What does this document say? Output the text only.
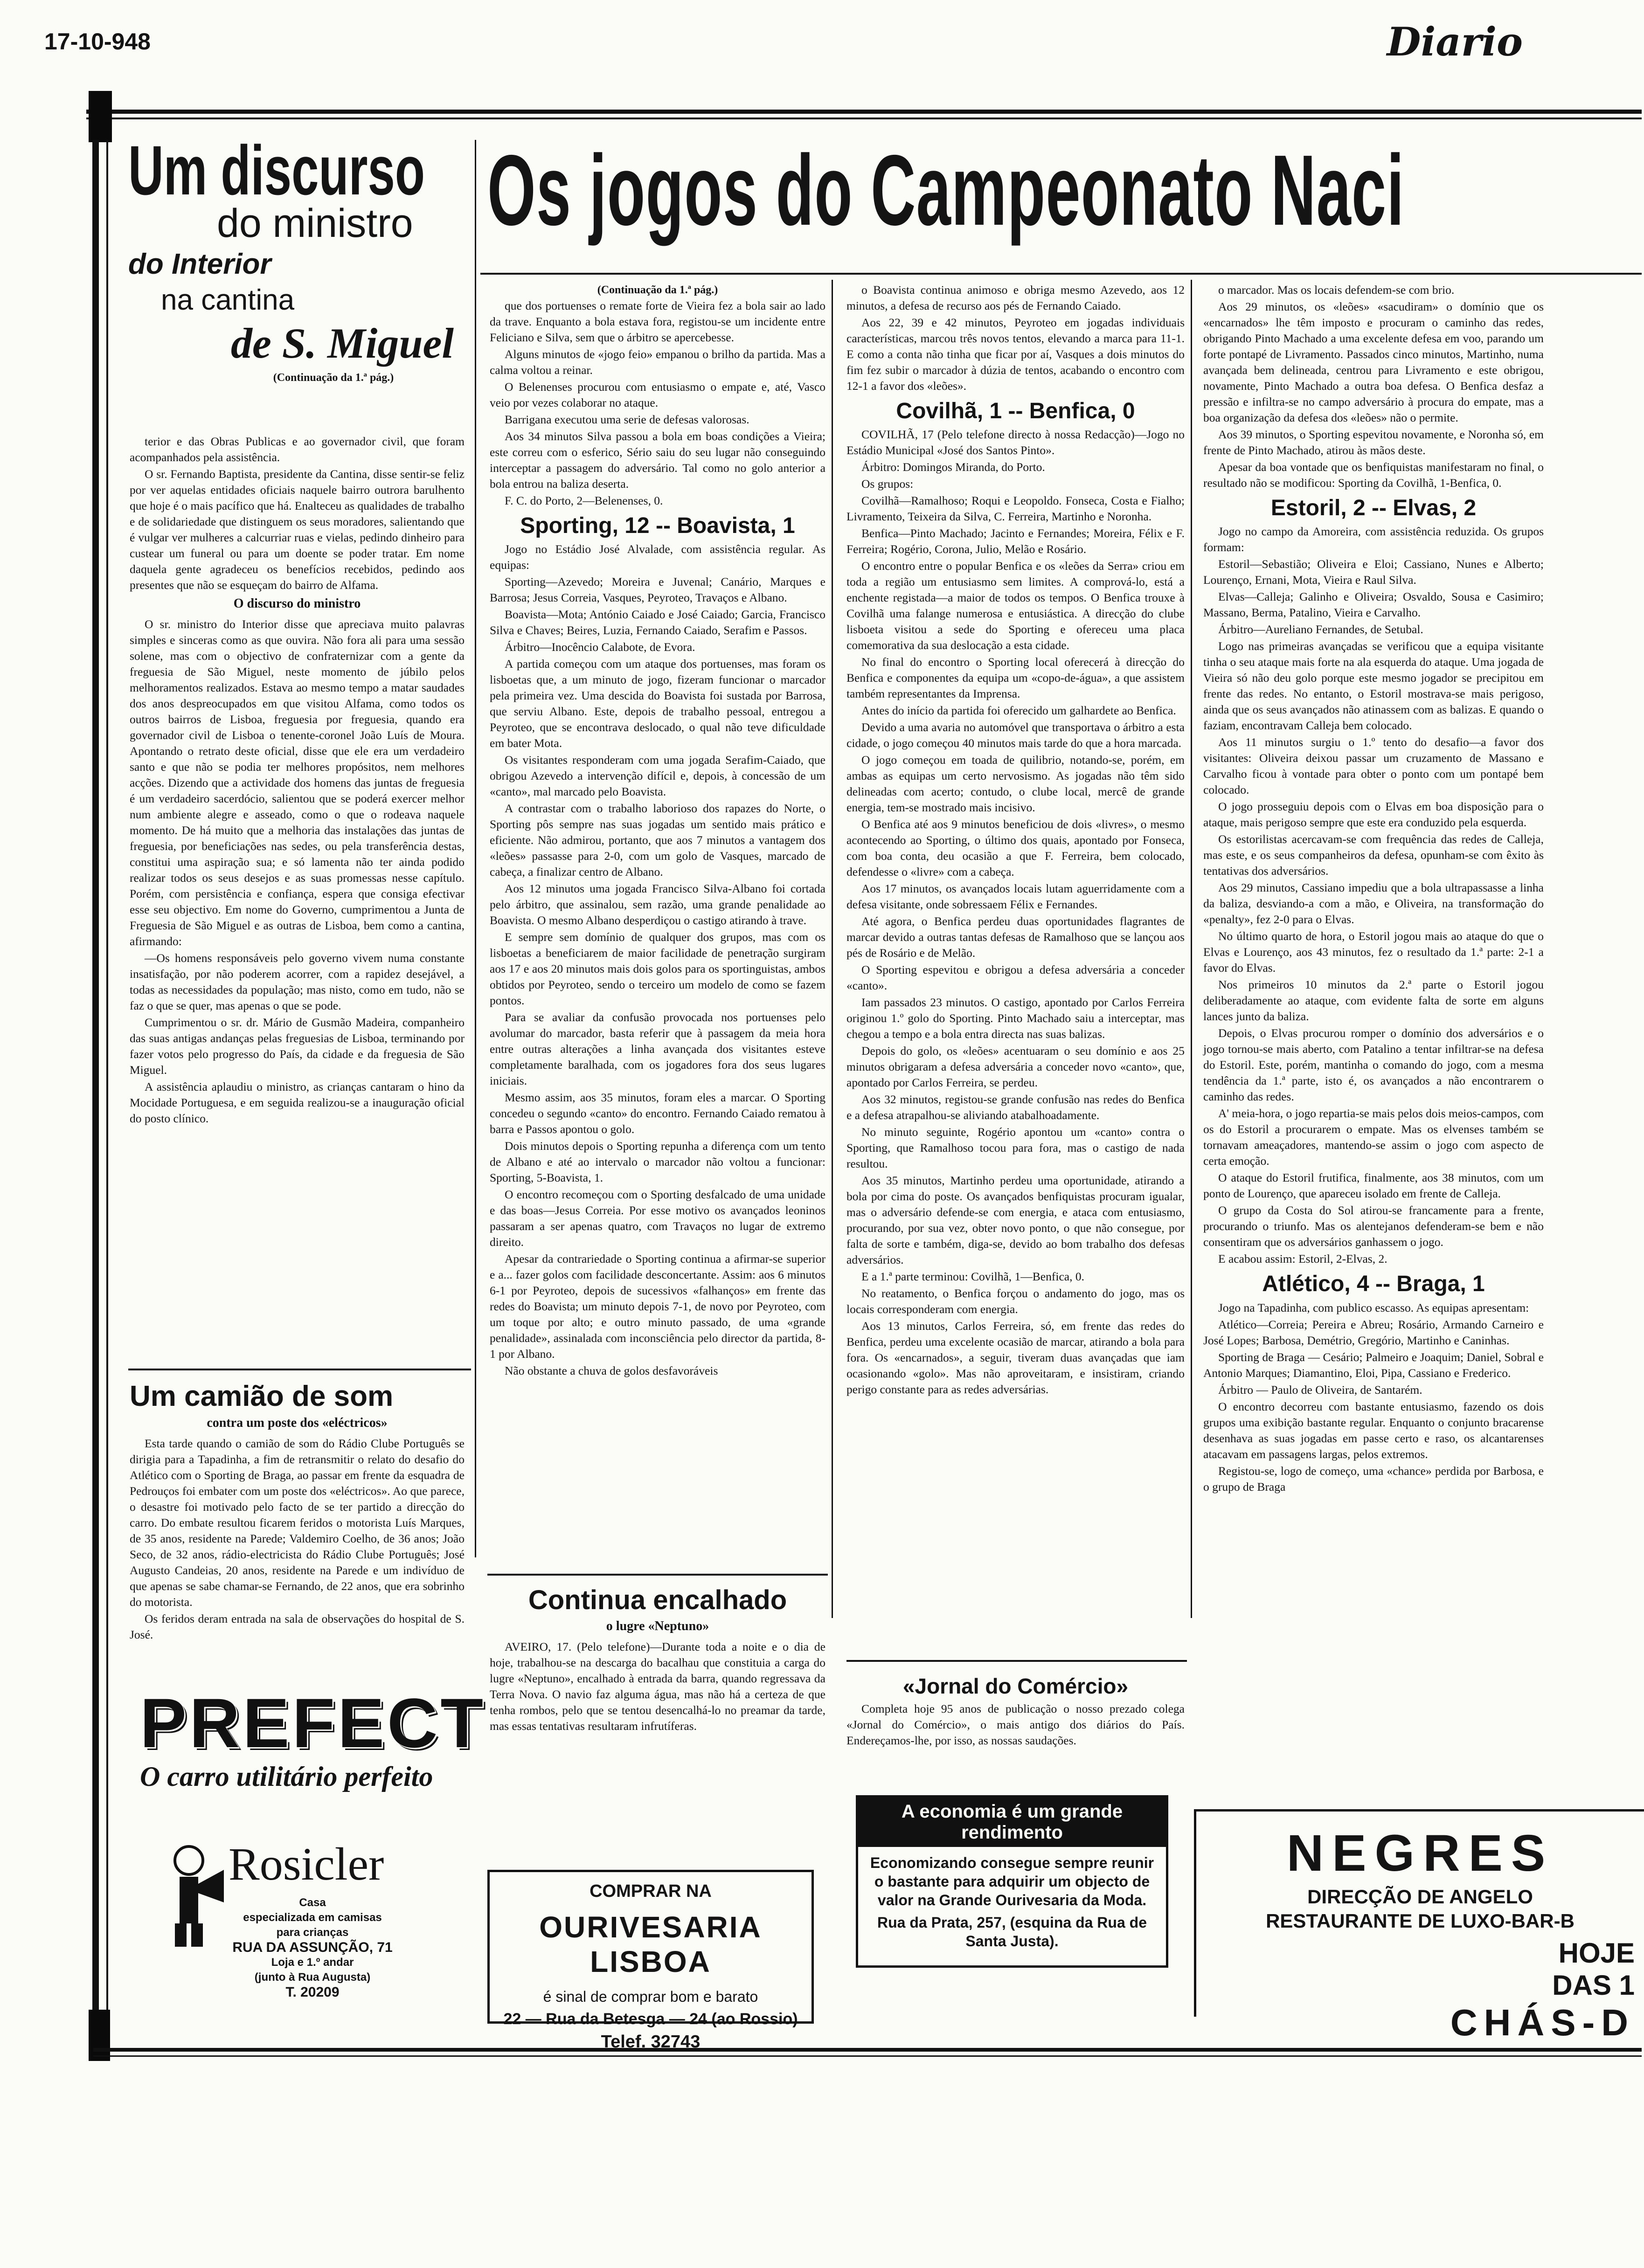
17-10-948	Diario
Os jogos do Campeonato Naci
Um discurso
do ministro
do Interior
na cantina
de S. Miguel
(Continuação da 1.ª pág.)

terior e das Obras Publicas e ao governador civil, que foram acompanhados pela assistência.

O sr. Fernando Baptista, presidente da Cantina, disse sentir-se feliz por ver aquelas entidades oficiais naquele bairro outrora barulhento que hoje é o mais pacífico que há. Enalteceu as qualidades de trabalho e de solidariedade que distinguem os seus moradores, salientando que é vulgar ver mulheres a calcurriar ruas e vielas, pedindo dinheiro para custear um funeral ou para um doente se poder tratar. Em nome daquela gente agradeceu os benefícios recebidos, pedindo aos presentes que não se esqueçam do bairro de Alfama.

O discurso do ministro

O sr. ministro do Interior disse que apreciava muito palavras simples e sinceras como as que ouvira. Não fora ali para uma sessão solene, mas com o objectivo de confraternizar com a gente da freguesia de São Miguel, neste momento de júbilo pelos melhoramentos realizados. Estava ao mesmo tempo a matar saudades dos anos despreocupados em que visitou Alfama, como todos os outros bairros de Lisboa, freguesia por freguesia, quando era governador civil de Lisboa o tenente-coronel João Luís de Moura. Apontando o retrato deste oficial, disse que ele era um verdadeiro santo e que não se podia ter melhores propósitos, nem melhores acções. Dizendo que a actividade dos homens das juntas de freguesia é um verdadeiro sacerdócio, salientou que se poderá exercer melhor num ambiente alegre e asseado, como o que o rodeava naquele momento. De há muito que a melhoria das instalações das juntas de freguesia, por beneficiações nas sedes, ou pela transferência destas, constitui uma aspiração sua; e só lamenta não ter ainda podido realizar todos os seus desejos e as suas promessas nesse capítulo. Porém, com persistência e confiança, espera que consiga efectivar esse seu objectivo. Em nome do Governo, cumprimentou a Junta de Freguesia de São Miguel e as outras de Lisboa, bem como a cantina, afirmando:

—Os homens responsáveis pelo governo vivem numa constante insatisfação, por não poderem acorrer, com a rapidez desejável, a todas as necessidades da população; mas nisto, como em tudo, não se faz o que se quer, mas apenas o que se pode.

Cumprimentou o sr. dr. Mário de Gusmão Madeira, companheiro das suas antigas andanças pelas freguesias de Lisboa, terminando por fazer votos pelo progresso do País, da cidade e da freguesia de São Miguel.

A assistência aplaudiu o ministro, as crianças cantaram o hino da Mocidade Portuguesa, e em seguida realizou-se a inauguração oficial do posto clínico.

Um camião de som
contra um poste dos «eléctricos»

Esta tarde quando o camião de som do Rádio Clube Português se dirigia para a Tapadinha, a fim de retransmitir o relato do desafio do Atlético com o Sporting de Braga, ao passar em frente da esquadra de Pedrouços foi embater com um poste dos «eléctricos». Ao que parece, o desastre foi motivado pelo facto de se ter partido a direcção do carro. Do embate resultou ficarem feridos o motorista Luís Marques, de 35 anos, residente na Parede; Valdemiro Coelho, de 36 anos; João Seco, de 32 anos, rádio-electricista do Rádio Clube Português; José Augusto Candeias, 20 anos, residente na Parede e um indivíduo de que apenas se sabe chamar-se Fernando, de 22 anos, que era sobrinho do motorista.

Os feridos deram entrada na sala de observações do hospital de S. José.

(Continuação da 1.ª pág.)

que dos portuenses o remate forte de Vieira fez a bola sair ao lado da trave. Enquanto a bola estava fora, registou-se um incidente entre Feliciano e Silva, sem que o árbitro se apercebesse.

Alguns minutos de «jogo feio» empanou o brilho da partida. Mas a calma voltou a reinar.

O Belenenses procurou com entusiasmo o empate e, até, Vasco veio por vezes colaborar no ataque.

Barrigana executou uma serie de defesas valorosas.

Aos 34 minutos Silva passou a bola em boas condições a Vieira; este correu com o esferico, Sério saiu do seu lugar não conseguindo interceptar a passagem do adversário. Tal como no golo anterior a bola entrou na baliza deserta.

F. C. do Porto, 2—Belenenses, 0.

Sporting, 12 -- Boavista, 1

Jogo no Estádio José Alvalade, com assistência regular. As equipas:

Sporting—Azevedo; Moreira e Juvenal; Canário, Marques e Barrosa; Jesus Correia, Vasques, Peyroteo, Travaços e Albano.

Boavista—Mota; António Caiado e José Caiado; Garcia, Francisco Silva e Chaves; Beires, Luzia, Fernando Caiado, Serafim e Passos.

Árbitro—Inocêncio Calabote, de Evora.

A partida começou com um ataque dos portuenses, mas foram os lisboetas que, a um minuto de jogo, fizeram funcionar o marcador pela primeira vez. Uma descida do Boavista foi sustada por Barrosa, que serviu Albano. Este, depois de trabalho pessoal, entregou a Peyroteo, que se encontrava deslocado, o qual não teve dificuldade em bater Mota.

Os visitantes responderam com uma jogada Serafim-Caiado, que obrigou Azevedo a intervenção difícil e, depois, à concessão de um «canto», mal marcado pelo Boavista.

A contrastar com o trabalho laborioso dos rapazes do Norte, o Sporting pôs sempre nas suas jogadas um sentido mais prático e eficiente. Não admirou, portanto, que aos 7 minutos a vantagem dos «leões» passasse para 2-0, com um golo de Vasques, marcado de cabeça, a finalizar centro de Albano.

Aos 12 minutos uma jogada Francisco Silva-Albano foi cortada pelo árbitro, que assinalou, sem razão, uma grande penalidade ao Boavista. O mesmo Albano desperdiçou o castigo atirando à trave.

E sempre sem domínio de qualquer dos grupos, mas com os lisboetas a beneficiarem de maior facilidade de penetração surgiram aos 17 e aos 20 minutos mais dois golos para os sportinguistas, ambos obtidos por Peyroteo, sendo o terceiro um modelo de como se fazem pontos.

Para se avaliar da confusão provocada nos portuenses pelo avolumar do marcador, basta referir que à passagem da meia hora entre outras alterações a linha avançada dos visitantes esteve completamente baralhada, com os jogadores fora dos seus lugares iniciais.

Mesmo assim, aos 35 minutos, foram eles a marcar. O Sporting concedeu o segundo «canto» do encontro. Fernando Caiado rematou à barra e Passos apontou o golo.

Dois minutos depois o Sporting repunha a diferença com um tento de Albano e até ao intervalo o marcador não voltou a funcionar: Sporting, 5-Boavista, 1.

O encontro recomeçou com o Sporting desfalcado de uma unidade e das boas—Jesus Correia. Por esse motivo os avançados leoninos passaram a ser apenas quatro, com Travaços no lugar de extremo direito.

Apesar da contrariedade o Sporting continua a afirmar-se superior e a... fazer golos com facilidade desconcertante. Assim: aos 6 minutos 6-1 por Peyroteo, depois de sucessivos «falhanços» em frente das redes do Boavista; um minuto depois 7-1, de novo por Peyroteo, com um toque por alto; e outro minuto passado, de uma «grande penalidade», assinalada com inconsciência pelo director da partida, 8-1 por Albano.

Não obstante a chuva de golos desfavoráveis

Continua encalhado
o lugre «Neptuno»

AVEIRO, 17. (Pelo telefone)—Durante toda a noite e o dia de hoje, trabalhou-se na descarga do bacalhau que constituia a carga do lugre «Neptuno», encalhado à entrada da barra, quando regressava da Terra Nova. O navio faz alguma água, mas não há a certeza de que tenha rombos, pelo que se tentou desencalhá-lo no preamar da tarde, mas essas tentativas resultaram infrutíferas.

o Boavista continua animoso e obriga mesmo Azevedo, aos 12 minutos, a defesa de recurso aos pés de Fernando Caiado.

Aos 22, 39 e 42 minutos, Peyroteo em jogadas individuais características, marcou três novos tentos, elevando a marca para 11-1. E como a conta não tinha que ficar por aí, Vasques a dois minutos do fim fez subir o marcador à dúzia de tentos, acabando o encontro com 12-1 a favor dos «leões».

Covilhã, 1 -- Benfica, 0

COVILHÃ, 17 (Pelo telefone directo à nossa Redacção)—Jogo no Estádio Municipal «José dos Santos Pinto».

Árbitro: Domingos Miranda, do Porto.

Os grupos:

Covilhã—Ramalhoso; Roqui e Leopoldo. Fonseca, Costa e Fialho; Livramento, Teixeira da Silva, C. Ferreira, Martinho e Noronha.

Benfica—Pinto Machado; Jacinto e Fernandes; Moreira, Félix e F. Ferreira; Rogério, Corona, Julio, Melão e Rosário.

O encontro entre o popular Benfica e os «leões da Serra» criou em toda a região um entusiasmo sem limites. A comprová-lo, está a enchente registada—a maior de todos os tempos. O Benfica trouxe à Covilhã uma falange numerosa e entusiástica. A direcção do clube lisboeta visitou a sede do Sporting e ofereceu uma placa comemorativa da sua deslocação a esta cidade.

No final do encontro o Sporting local oferecerá à direcção do Benfica e componentes da equipa um «copo-de-água», a que assistem também representantes da Imprensa.

Antes do início da partida foi oferecido um galhardete ao Benfica.

Devido a uma avaria no automóvel que transportava o árbitro a esta cidade, o jogo começou 40 minutos mais tarde do que a hora marcada.

O jogo começou em toada de quilibrio, notando-se, porém, em ambas as equipas um certo nervosismo. As jogadas não têm sido delineadas com acerto; contudo, o clube local, mercê de grande energia, tem-se mostrado mais incisivo.

O Benfica até aos 9 minutos beneficiou de dois «livres», o mesmo acontecendo ao Sporting, o último dos quais, apontado por Fonseca, com boa conta, deu ocasião a que F. Ferreira, bem colocado, defendesse o «livre» com a cabeça.

Aos 17 minutos, os avançados locais lutam aguerridamente com a defesa visitante, onde sobressaem Félix e Fernandes.

Até agora, o Benfica perdeu duas oportunidades flagrantes de marcar devido a outras tantas defesas de Ramalhoso que se lançou aos pés de Rosário e de Melão.

O Sporting espevitou e obrigou a defesa adversária a conceder «canto».

Iam passados 23 minutos. O castigo, apontado por Carlos Ferreira originou 1.º golo do Sporting. Pinto Machado saiu a interceptar, mas chegou a tempo e a bola entra directa nas suas balizas.

Depois do golo, os «leões» acentuaram o seu domínio e aos 25 minutos obrigaram a defesa adversária a conceder novo «canto», que, apontado por Carlos Ferreira, se perdeu.

Aos 32 minutos, registou-se grande confusão nas redes do Benfica e a defesa atrapalhou-se aliviando atabalhoadamente.

No minuto seguinte, Rogério apontou um «canto» contra o Sporting, que Ramalhoso tocou para fora, mas o castigo de nada resultou.

Aos 35 minutos, Martinho perdeu uma oportunidade, atirando a bola por cima do poste. Os avançados benfiquistas procuram igualar, mas o adversário defende-se com energia, e ataca com entusiasmo, procurando, por sua vez, obter novo ponto, o que não consegue, por falta de sorte e também, diga-se, devido ao bom trabalho dos defesas adversários.

E a 1.ª parte terminou: Covilhã, 1—Benfica, 0.

No reatamento, o Benfica forçou o andamento do jogo, mas os locais corresponderam com energia.

Aos 13 minutos, Carlos Ferreira, só, em frente das redes do Benfica, perdeu uma excelente ocasião de marcar, atirando a bola para fora. Os «encarnados», a seguir, tiveram duas avançadas que iam ocasionando «golo». Mas não aproveitaram, e insistiram, criando perigo constante para as redes adversárias.

«Jornal do Comércio»

Completa hoje 95 anos de publicação o nosso prezado colega «Jornal do Comércio», o mais antigo dos diários do País. Endereçamos-lhe, por isso, as nossas saudações.

o marcador. Mas os locais defendem-se com brio.

Aos 29 minutos, os «leões» «sacudiram» o domínio que os «encarnados» lhe têm imposto e procuram o caminho das redes, obrigando Pinto Machado a uma excelente defesa em voo, parando um forte pontapé de Livramento. Passados cinco minutos, Martinho, numa avançada bem delineada, centrou para Livramento e este obrigou, novamente, Pinto Machado a outra boa defesa. O Benfica desfaz a pressão e infiltra-se no campo adversário à procura do empate, mas a boa organização da defesa dos «leões» não o permite.

Aos 39 minutos, o Sporting espevitou novamente, e Noronha só, em frente de Pinto Machado, atirou às mãos deste.

Apesar da boa vontade que os benfiquistas manifestaram no final, o resultado não se modificou: Sporting da Covilhã, 1-Benfica, 0.

Estoril, 2 -- Elvas, 2

Jogo no campo da Amoreira, com assistência reduzida. Os grupos formam:

Estoril—Sebastião; Oliveira e Eloi; Cassiano, Nunes e Alberto; Lourenço, Ernani, Mota, Vieira e Raul Silva.

Elvas—Calleja; Galinho e Oliveira; Osvaldo, Sousa e Casimiro; Massano, Berma, Patalino, Vieira e Carvalho.

Árbitro—Aureliano Fernandes, de Setubal.

Logo nas primeiras avançadas se verificou que a equipa visitante tinha o seu ataque mais forte na ala esquerda do ataque. Uma jogada de Vieira só não deu golo porque este mesmo jogador se precipitou em frente das redes. No entanto, o Estoril mostrava-se mais perigoso, ainda que os seus avançados não atinassem com as balizas. E quando o faziam, encontravam Calleja bem colocado.

Aos 11 minutos surgiu o 1.º tento do desafio—a favor dos visitantes: Oliveira deixou passar um cruzamento de Massano e Carvalho ficou à vontade para obter o ponto com um pontapé bem colocado.

O jogo prosseguiu depois com o Elvas em boa disposição para o ataque, mais perigoso sempre que este era conduzido pela esquerda.

Os estorilistas acercavam-se com frequência das redes de Calleja, mas este, e os seus companheiros da defesa, opunham-se com êxito às tentativas dos adversários.

Aos 29 minutos, Cassiano impediu que a bola ultrapassasse a linha da baliza, desviando-a com a mão, e Oliveira, na transformação do «penalty», fez 2-0 para o Elvas.

No último quarto de hora, o Estoril jogou mais ao ataque do que o Elvas e Lourenço, aos 43 minutos, fez o resultado da 1.ª parte: 2-1 a favor do Elvas.

Nos primeiros 10 minutos da 2.ª parte o Estoril jogou deliberadamente ao ataque, com evidente falta de sorte em alguns lances junto da baliza.

Depois, o Elvas procurou romper o domínio dos adversários e o jogo tornou-se mais aberto, com Patalino a tentar infiltrar-se na defesa do Estoril. Este, porém, mantinha o comando do jogo, com a mesma tendência da 1.ª parte, isto é, os avançados a não encontrarem o caminho das redes.

A' meia-hora, o jogo repartia-se mais pelos dois meios-campos, com os do Estoril a procurarem o empate. Mas os elvenses também se tornavam ameaçadores, mantendo-se assim o jogo com aspecto de certa emoção.

O ataque do Estoril frutifica, finalmente, aos 38 minutos, com um ponto de Lourenço, que apareceu isolado em frente de Calleja.

O grupo da Costa do Sol atirou-se francamente para a frente, procurando o triunfo. Mas os alentejanos defenderam-se bem e não consentiram que os adversários ganhassem o jogo.

E acabou assim: Estoril, 2-Elvas, 2.

Atlético, 4 -- Braga, 1

Jogo na Tapadinha, com publico escasso. As equipas apresentam:

Atlético—Correia; Pereira e Abreu; Rosário, Armando Carneiro e José Lopes; Barbosa, Demétrio, Gregório, Martinho e Caninhas.

Sporting de Braga — Cesário; Palmeiro e Joaquim; Daniel, Sobral e Antonio Marques; Diamantino, Eloi, Pipa, Cassiano e Frederico.

Árbitro — Paulo de Oliveira, de Santarém.

O encontro decorreu com bastante entusiasmo, fazendo os dois grupos uma exibição bastante regular. Enquanto o conjunto bracarense desenhava as suas jogadas em passe certo e raso, os alcantarenses atacavam em passagens largas, pelos extremos.

Registou-se, logo de começo, uma «chance» perdida por Barbosa, e o grupo de Braga

PREFECT
O carro utilitário perfeito
Rosicler
Casa
especializada em camisas
para crianças
RUA DA ASSUNÇÃO, 71
Loja e 1.º andar
(junto à Rua Augusta)
T. 20209
COMPRAR NA
OURIVESARIA LISBOA
é sinal de comprar bom e barato
22 — Rua da Betesga — 24 (ao Rossio)
Telef. 32743
A economia é um grande rendimento
Economizando consegue sempre reunir o bastante para adquirir um objecto de valor na Grande Ourivesaria da Moda.
Rua da Prata, 257, (esquina da Rua de Santa Justa).
NEGRES
DIRECÇÃO DE ANGELO
RESTAURANTE DE LUXO-BAR-B
HOJE
DAS 1
CHÁS-D
